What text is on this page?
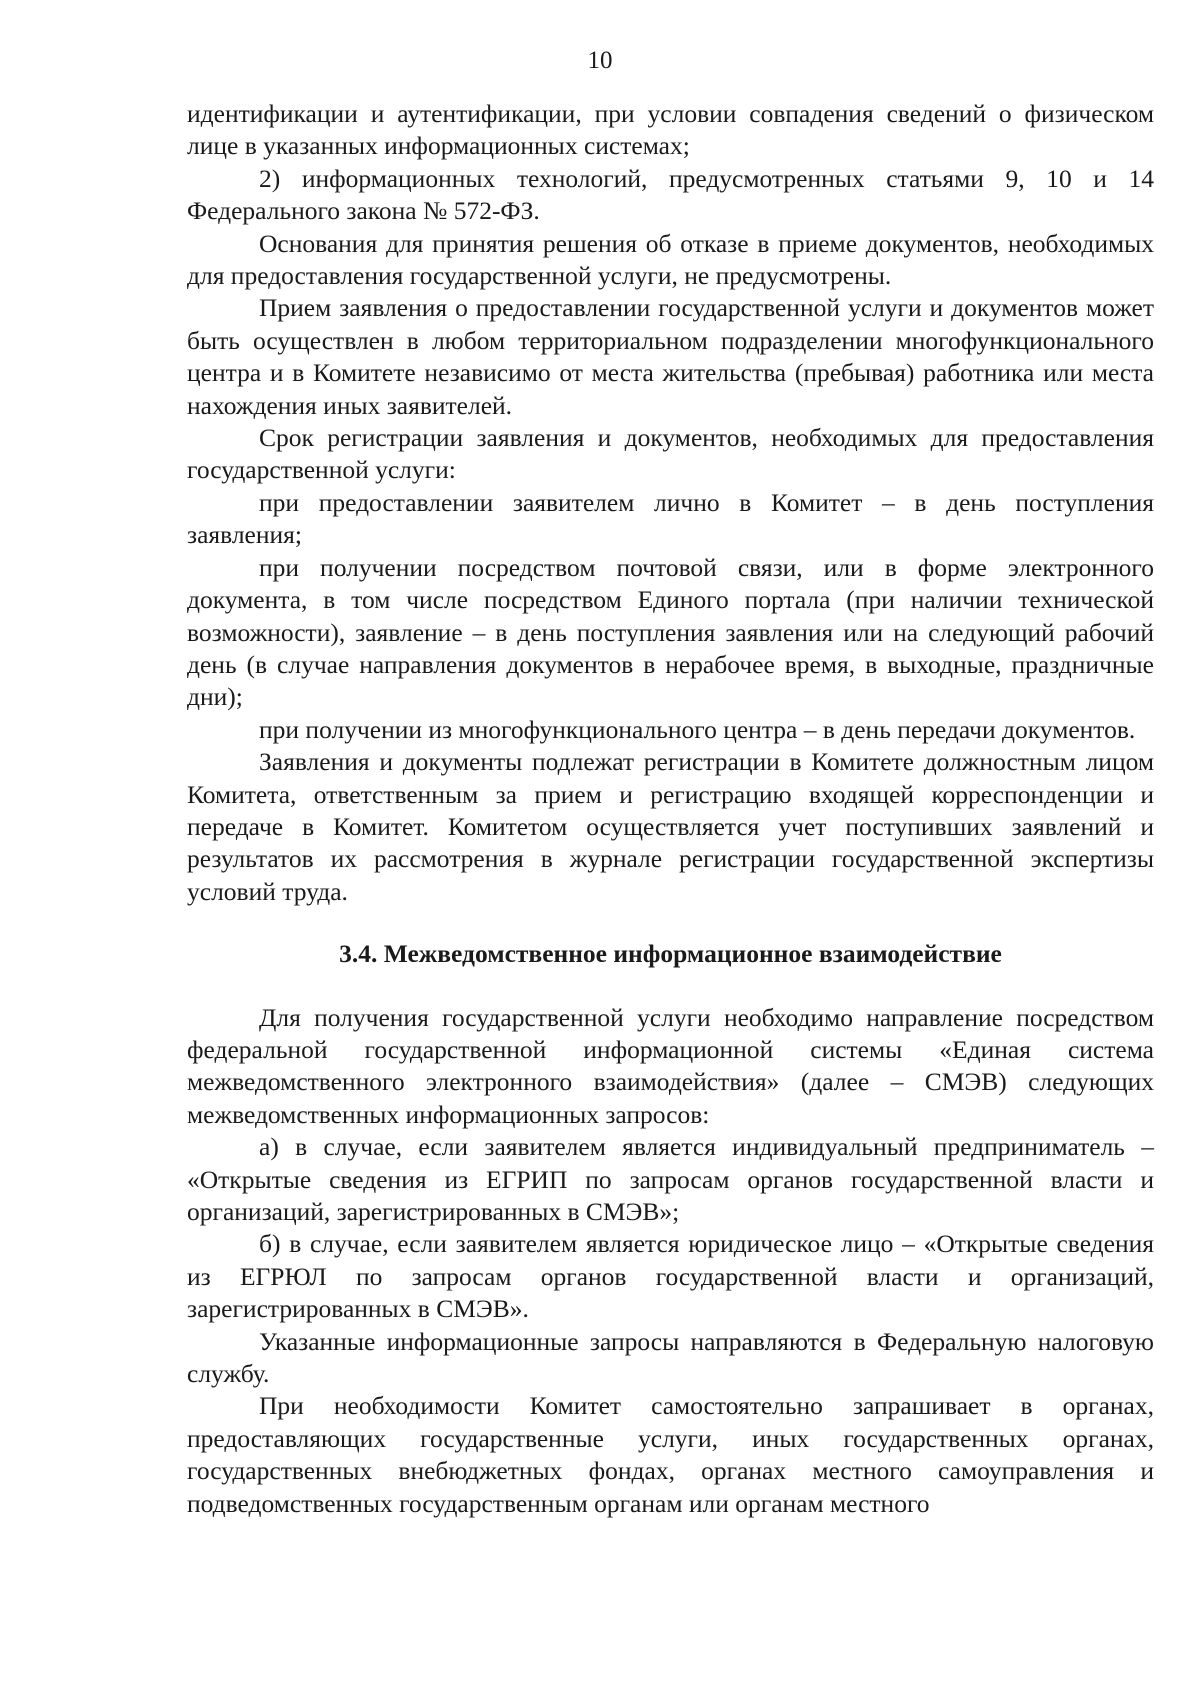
10

идентификации и аутентификации, при условии совпадения сведений о физическом лице в указанных информационных системах;

2) информационных технологий, предусмотренных статьями 9, 10 и 14 Федерального закона № 572-ФЗ.

Основания для принятия решения об отказе в приеме документов, необходимых для предоставления государственной услуги, не предусмотрены.

Прием заявления о предоставлении государственной услуги и документов может быть осуществлен в любом территориальном подразделении многофункционального центра и в Комитете независимо от места жительства (пребывая) работника или места нахождения иных заявителей.

Срок регистрации заявления и документов, необходимых для предоставления государственной услуги:

при предоставлении заявителем лично в Комитет – в день поступления заявления;

при получении посредством почтовой связи, или в форме электронного документа, в том числе посредством Единого портала (при наличии технической возможности), заявление – в день поступления заявления или на следующий рабочий день (в случае направления документов в нерабочее время, в выходные, праздничные дни);

при получении из многофункционального центра – в день передачи документов.

Заявления и документы подлежат регистрации в Комитете должностным лицом Комитета, ответственным за прием и регистрацию входящей корреспонденции и передаче в Комитет. Комитетом осуществляется учет поступивших заявлений и результатов их рассмотрения в журнале регистрации государственной экспертизы условий труда.

3.4. Межведомственное информационное взаимодействие

Для получения государственной услуги необходимо направление посредством федеральной государственной информационной системы «Единая система межведомственного электронного взаимодействия» (далее – СМЭВ) следующих межведомственных информационных запросов:

а) в случае, если заявителем является индивидуальный предприниматель – «Открытые сведения из ЕГРИП по запросам органов государственной власти и организаций, зарегистрированных в СМЭВ»;

б) в случае, если заявителем является юридическое лицо – «Открытые сведения из ЕГРЮЛ по запросам органов государственной власти и организаций, зарегистрированных в СМЭВ».

Указанные информационные запросы направляются в Федеральную налоговую службу.

При необходимости Комитет самостоятельно запрашивает в органах, предоставляющих государственные услуги, иных государственных органах, государственных внебюджетных фондах, органах местного самоуправления и подведомственных государственным органам или органам местного
